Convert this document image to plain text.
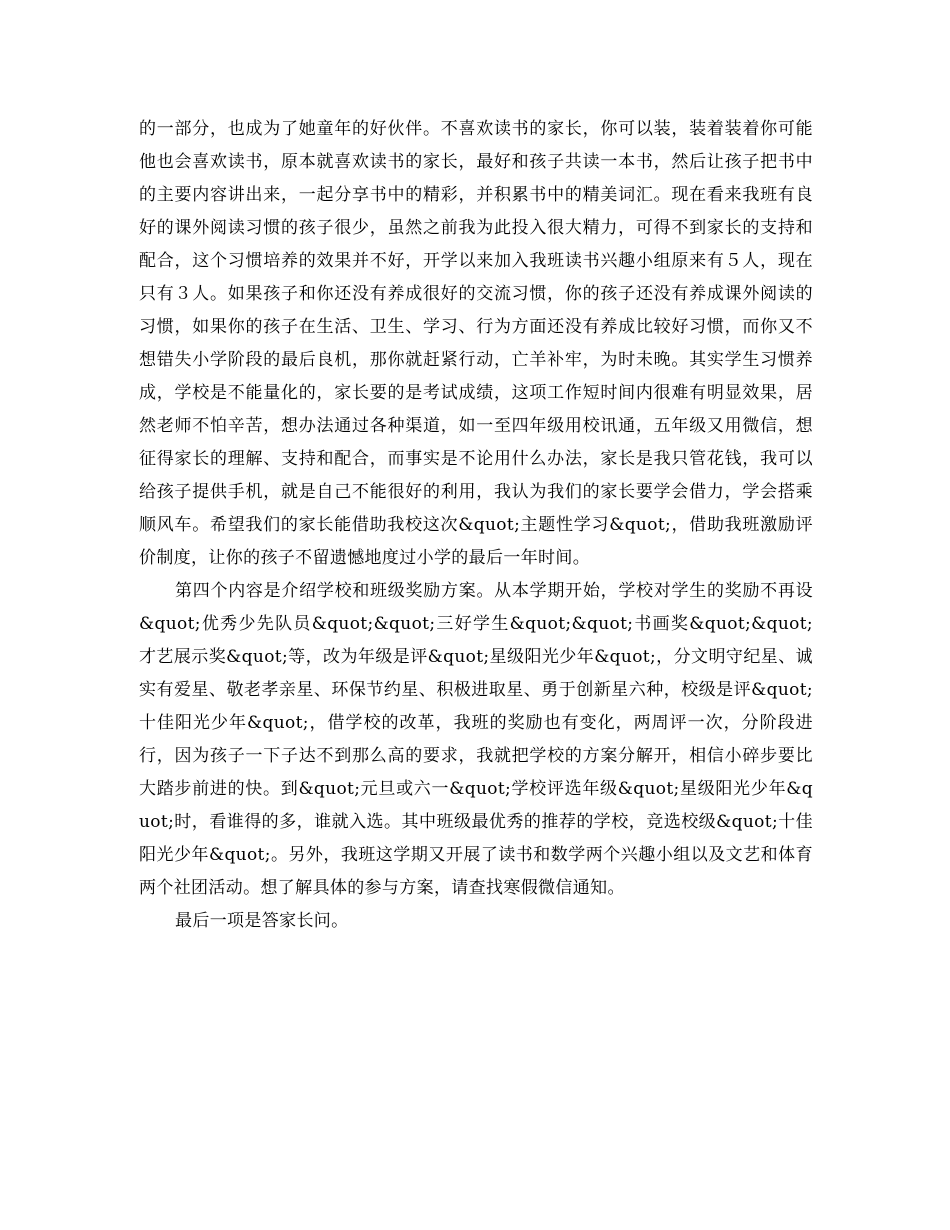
的一部分，也成为了她童年的好伙伴。不喜欢读书的家长，你可以装，装着装着你可能他也会喜欢读书，原本就喜欢读书的家长，最好和孩子共读一本书，然后让孩子把书中的主要内容讲出来，一起分享书中的精彩，并积累书中的精美词汇。现在看来我班有良好的课外阅读习惯的孩子很少，虽然之前我为此投入很大精力，可得不到家长的支持和配合，这个习惯培养的效果并不好，开学以来加入我班读书兴趣小组原来有５人，现在只有３人。如果孩子和你还没有养成很好的交流习惯，你的孩子还没有养成课外阅读的习惯，如果你的孩子在生活、卫生、学习、行为方面还没有养成比较好习惯，而你又不想错失小学阶段的最后良机，那你就赶紧行动，亡羊补牢，为时未晚。其实学生习惯养成，学校是不能量化的，家长要的是考试成绩，这项工作短时间内很难有明显效果，居然老师不怕辛苦，想办法通过各种渠道，如一至四年级用校讯通，五年级又用微信，想征得家长的理解、支持和配合，而事实是不论用什么办法，家长是我只管花钱，我可以给孩子提供手机，就是自己不能很好的利用，我认为我们的家长要学会借力，学会搭乘顺风车。希望我们的家长能借助我校这次&quot;主题性学习&quot;，借助我班激励评价制度，让你的孩子不留遗憾地度过小学的最后一年时间。

第四个内容是介绍学校和班级奖励方案。从本学期开始，学校对学生的奖励不再设&quot;优秀少先队员&quot;&quot;三好学生&quot;&quot;书画奖&quot;&quot;才艺展示奖&quot;等，改为年级是评&quot;星级阳光少年&quot;，分文明守纪星、诚实有爱星、敬老孝亲星、环保节约星、积极进取星、勇于创新星六种，校级是评&quot;十佳阳光少年&quot;，借学校的改革，我班的奖励也有变化，两周评一次，分阶段进行，因为孩子一下子达不到那么高的要求，我就把学校的方案分解开，相信小碎步要比大踏步前进的快。到&quot;元旦或六一&quot;学校评选年级&quot;星级阳光少年&quot;时，看谁得的多，谁就入选。其中班级最优秀的推荐的学校，竞选校级&quot;十佳阳光少年&quot;。另外，我班这学期又开展了读书和数学两个兴趣小组以及文艺和体育两个社团活动。想了解具体的参与方案，请查找寒假微信通知。

最后一项是答家长问。
